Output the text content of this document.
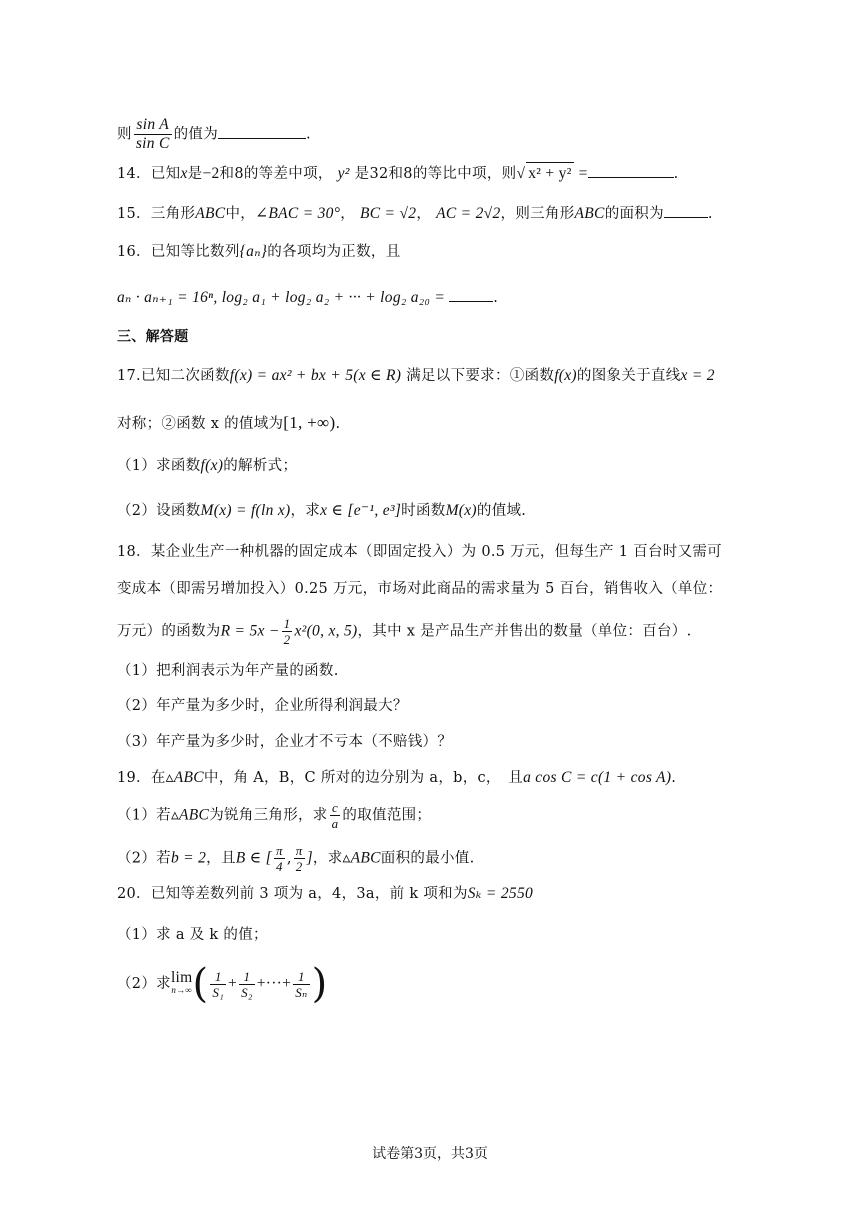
则 $\frac{\text{sin A}}{\text{sin C}}$ 的值为	.
14．已知x是−2和8的等差中项， y² 是32和8的等比中项，则√ x² + y² =	.
15．三角形ABC中，∠BAC = 30°， BC = √2， AC = 2√2，则三角形ABC的面积为	.
16．已知等比数列{aₙ}的各项均为正数，且
aₙ · aₙ₊₁ = 16ⁿ, log₂ a₁ + log₂ a₂ + ··· + log₂ a₂₀ =	.
三、解答题
17.已知二次函数f(x) = ax² + bx + 5(x ∈ R) 满足以下要求：①函数f(x)的图象关于直线x = 2
对称；②函数 x 的值域为[1, +∞).
（1）求函数f(x)的解析式；
（2）设函数M(x) = f(ln x)，求x ∈ [e⁻¹, e³]时函数M(x)的值域.
18．某企业生产一种机器的固定成本（即固定投入）为 0.5 万元，但每生产 1 百台时又需可
变成本（即需另增加投入）0.25 万元，市场对此商品的需求量为 5 百台，销售收入（单位：
万元）的函数为$R = 5x - \frac{1}{2} x^2(0$, x, 5)，其中 x 是产品生产并售出的数量（单位：百台）.
（1）把利润表示为年产量的函数.
（2）年产量为多少时，企业所得利润最大？
（3）年产量为多少时，企业才不亏本（不赔钱）？
19．在▵ABC中，角 A，B，C 所对的边分别为 a，b，c，　且a cos C = c(1 + cos A).
（1）若▵ABC为锐角三角形，求 $\frac{c}{a}$ 的取值范围；
（2）若b = 2，且B ∈ [ $\frac{\pi}{4}$ , $\frac{\pi}{2}$ ]，求▵ABC面积的最小值.
20．已知等差数列前 3 项为 a，4，3a，前 k 项和为Sₖ = 2550
（1）求 a 及 k 的值；
（2）求lim
n→∞ ( $\frac{1}{\text{S₁}} + \frac{1}{\text{S₂}}$ +···+ $\frac{1}{\text{Sₙ}}$ )
试卷第3页，共3页
